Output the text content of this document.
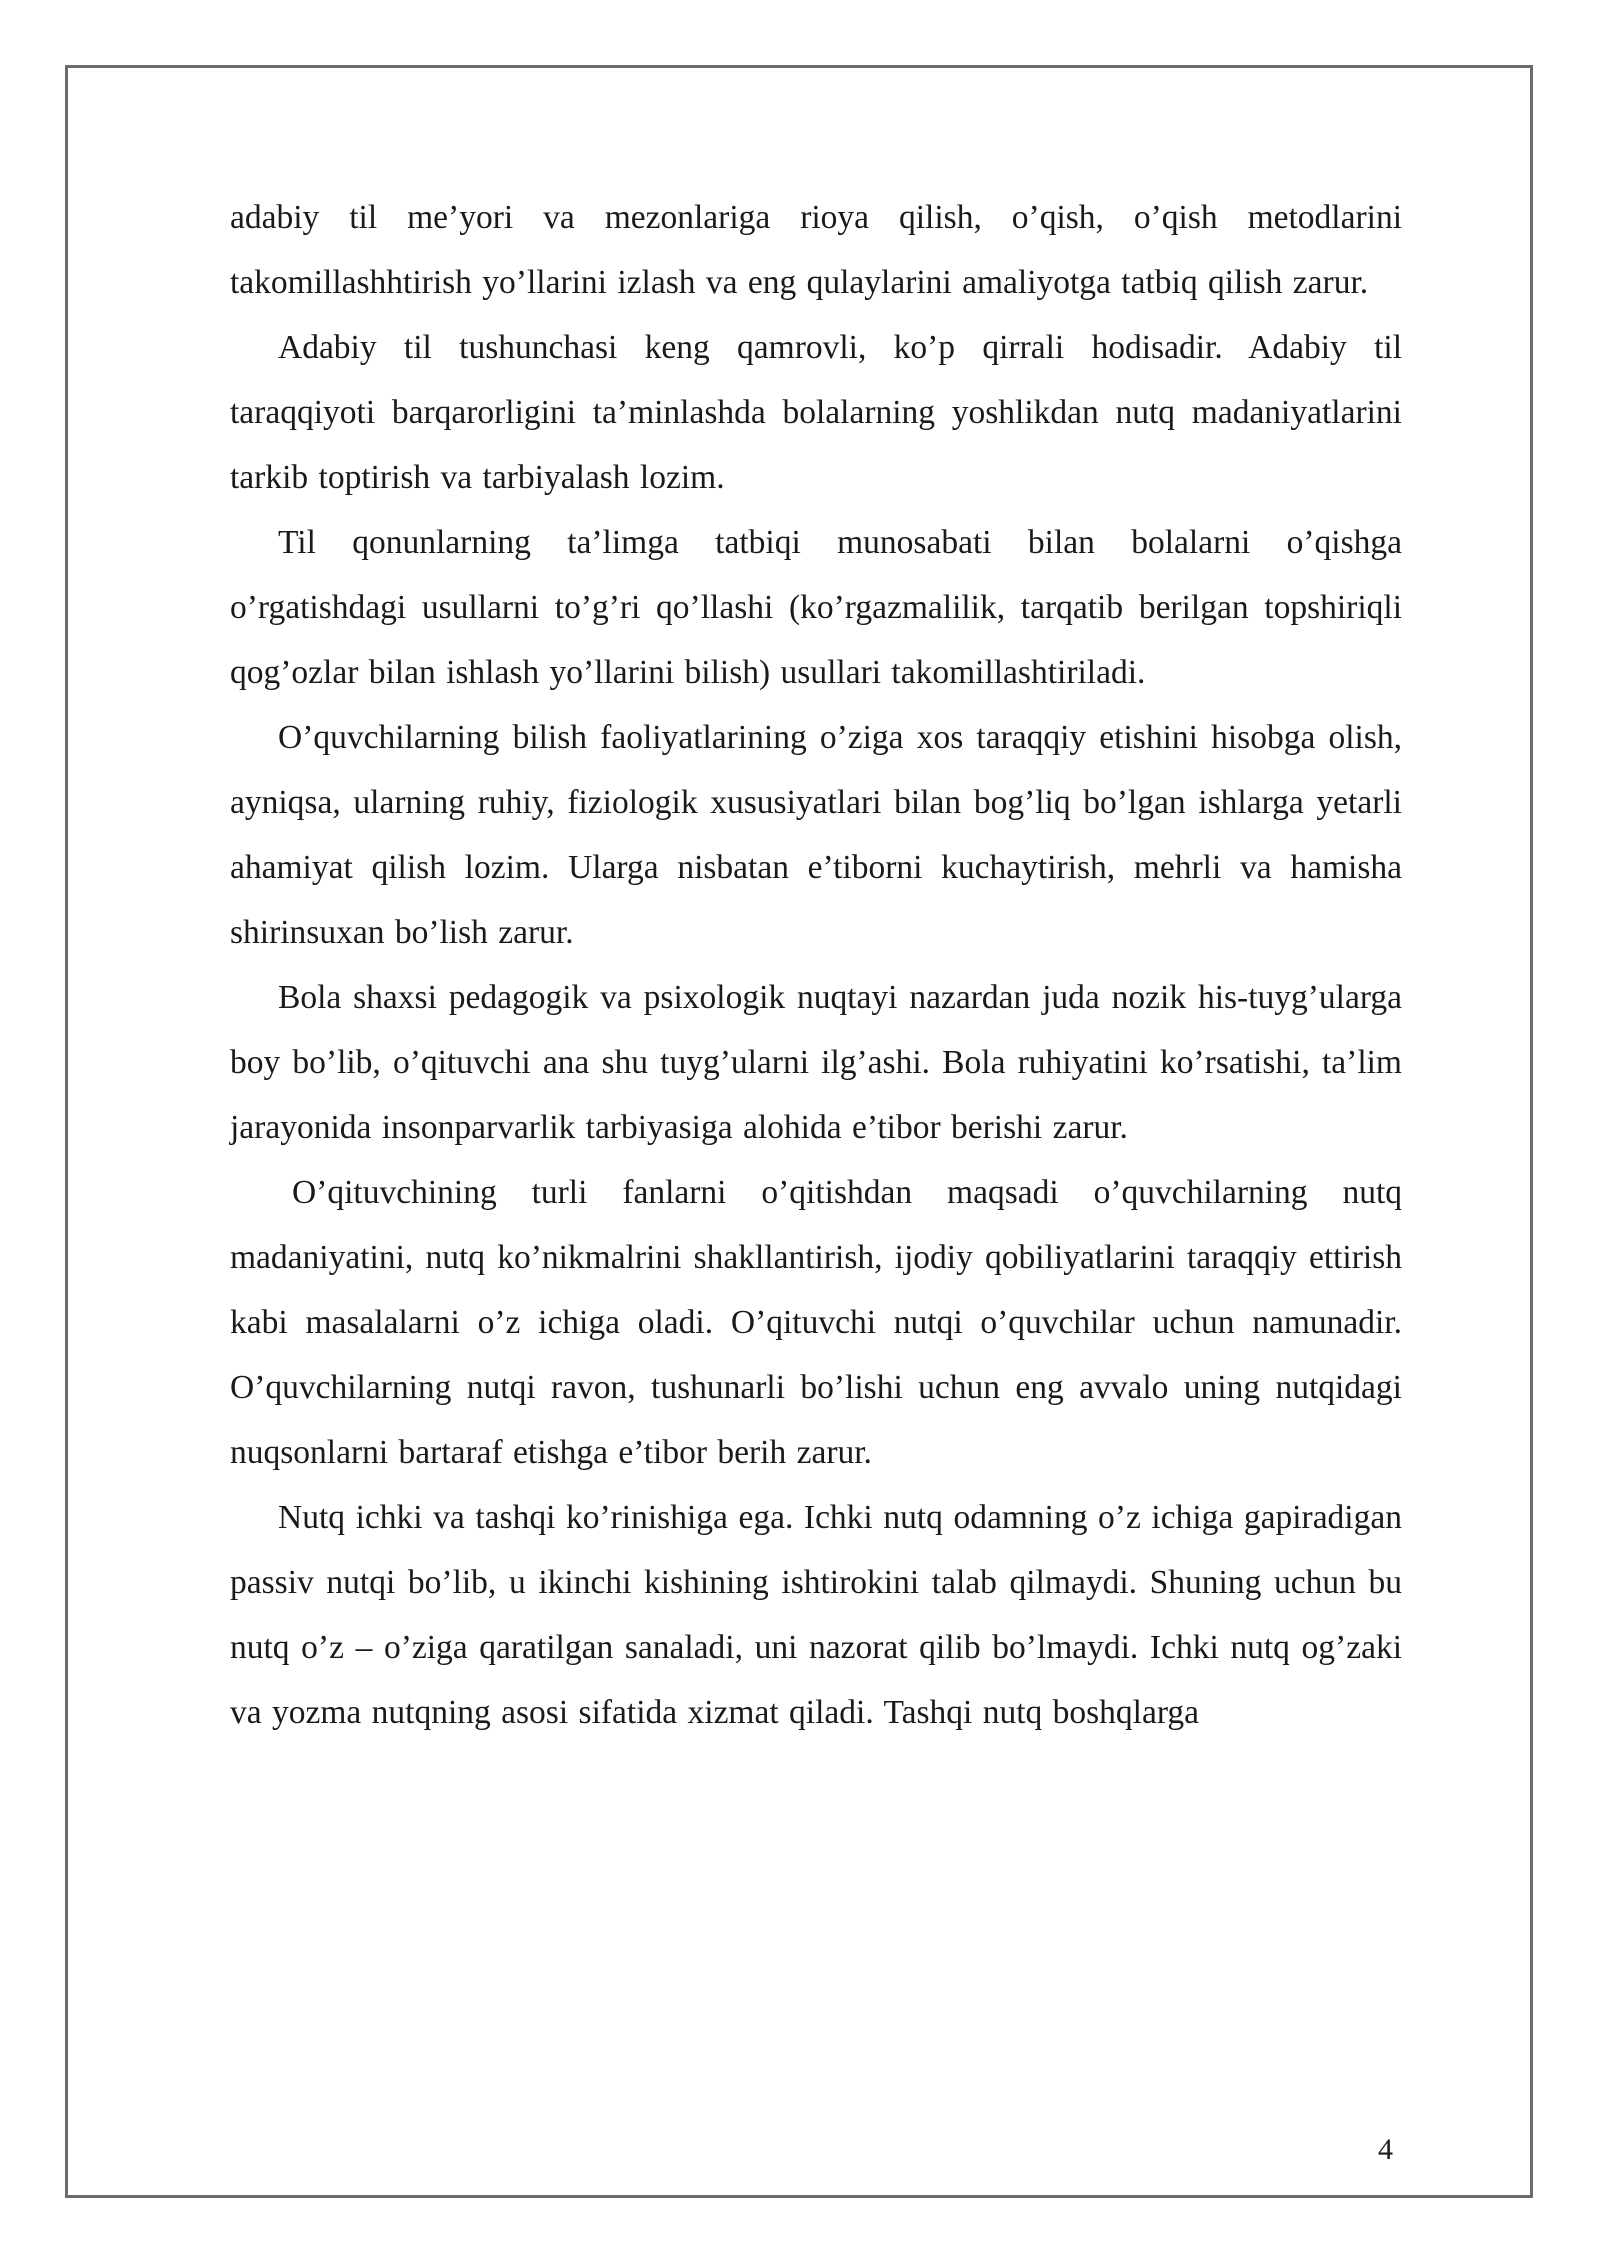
adabiy til me’yori va mezonlariga rioya qilish, o’qish, o’qish metodlarini takomillashhtirish yo’llarini izlash va eng qulaylarini amaliyotga tatbiq qilish zarur.

Adabiy til tushunchasi keng qamrovli, ko’p qirrali hodisadir. Adabiy til taraqqiyoti barqarorligini ta’minlashda bolalarning yoshlikdan nutq madaniyatlarini tarkib toptirish va tarbiyalash lozim.

Til qonunlarning ta’limga tatbiqi munosabati bilan bolalarni o’qishga o’rgatishdagi usullarni to’g’ri qo’llashi (ko’rgazmalilik, tarqatib berilgan topshiriqli qog’ozlar bilan ishlash yo’llarini bilish) usullari takomillashtiriladi.

O’quvchilarning bilish faoliyatlarining o’ziga xos taraqqiy etishini hisobga olish, ayniqsa, ularning ruhiy, fiziologik xususiyatlari bilan bog’liq bo’lgan ishlarga yetarli ahamiyat qilish lozim. Ularga nisbatan e’tiborni kuchaytirish, mehrli va hamisha shirinsuxan bo’lish zarur.

Bola shaxsi pedagogik va psixologik nuqtayi nazardan juda nozik his-tuyg’ularga boy bo’lib, o’qituvchi ana shu tuyg’ularni ilg’ashi. Bola ruhiyatini ko’rsatishi, ta’lim jarayonida insonparvarlik tarbiyasiga alohida e’tibor berishi zarur.

O’qituvchining turli fanlarni o’qitishdan maqsadi o’quvchilarning nutq madaniyatini, nutq ko’nikmalrini shakllantirish, ijodiy qobiliyatlarini taraqqiy ettirish kabi masalalarni o’z ichiga oladi. O’qituvchi nutqi o’quvchilar uchun namunadir. O’quvchilarning nutqi ravon, tushunarli bo’lishi uchun eng avvalo uning nutqidagi nuqsonlarni bartaraf etishga e’tibor berih zarur.

Nutq ichki va tashqi ko’rinishiga ega. Ichki nutq odamning o’z ichiga gapiradigan passiv nutqi bo’lib, u ikinchi kishining ishtirokini talab qilmaydi. Shuning uchun bu nutq o’z – o’ziga qaratilgan sanaladi, uni nazorat qilib bo’lmaydi. Ichki nutq og’zaki va yozma nutqning asosi sifatida xizmat qiladi. Tashqi nutq boshqlarga

4
